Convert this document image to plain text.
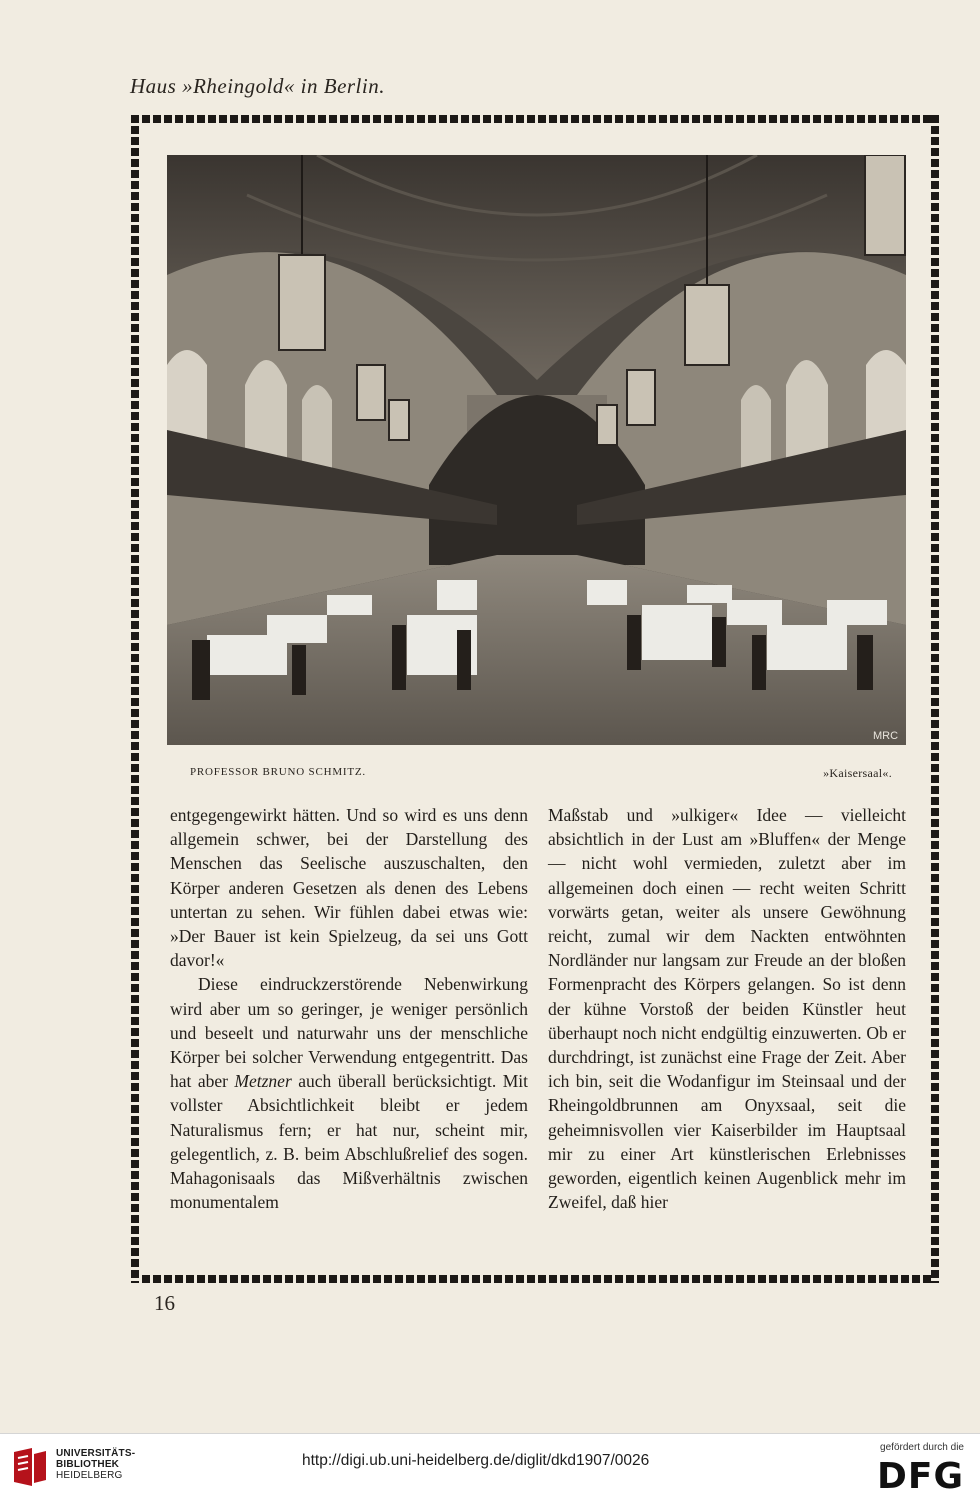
Haus »Rheingold« in Berlin.
MRC
PROFESSOR BRUNO SCHMITZ.	»Kaisersaal«.

entgegengewirkt hätten. Und so wird es uns denn allgemein schwer, bei der Darstellung des Menschen das Seelische auszuschalten, den Körper anderen Gesetzen als denen des Lebens untertan zu sehen. Wir fühlen dabei etwas wie: »Der Bauer ist kein Spielzeug, da sei uns Gott davor!«

Diese eindruckzerstörende Nebenwirkung wird aber um so geringer, je weniger persönlich und beseelt und naturwahr uns der menschliche Körper bei solcher Verwendung entgegentritt. Das hat aber Metzner auch überall berücksichtigt. Mit vollster Absichtlichkeit bleibt er jedem Naturalismus fern; er hat nur, scheint mir, gelegentlich, z. B. beim Abschlußrelief des sogen. Mahagonisaals das Mißverhältnis zwischen monumentalem

Maßstab und »ulkiger« Idee — vielleicht absichtlich in der Lust am »Bluffen« der Menge — nicht wohl vermieden, zuletzt aber im allgemeinen doch einen — recht weiten Schritt vorwärts getan, weiter als unsere Gewöhnung reicht, zumal wir dem Nackten entwöhnten Nordländer nur langsam zur Freude an der bloßen Formenpracht des Körpers gelangen. So ist denn der kühne Vorstoß der beiden Künstler heut überhaupt noch nicht endgültig einzuwerten. Ob er durchdringt, ist zunächst eine Frage der Zeit. Aber ich bin, seit die Wodanfigur im Steinsaal und der Rheingoldbrunnen am Onyxsaal, seit die geheimnisvollen vier Kaiserbilder im Hauptsaal mir zu einer Art künstlerischen Erlebnisses geworden, eigentlich keinen Augenblick mehr im Zweifel, daß hier

16
UNIVERSITÄTS-
BIBLIOTHEK
HEIDELBERG
http://digi.ub.uni-heidelberg.de/diglit/dkd1907/0026
gefördert durch die
DFG
